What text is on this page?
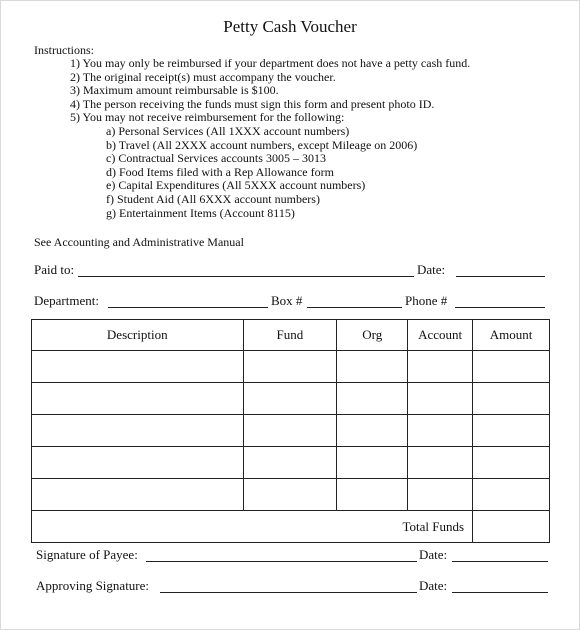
Petty Cash Voucher
Instructions:
1) You may only be reimbursed if your department does not have a petty cash fund.
2) The original receipt(s) must accompany the voucher.
3) Maximum amount reimbursable is $100.
4) The person receiving the funds must sign this form and present photo ID.
5) You may not receive reimbursement for the following:
a) Personal Services (All 1XXX account numbers)
b) Travel (All 2XXX account numbers, except Mileage on 2006)
c) Contractual Services accounts 3005 – 3013
d) Food Items filed with a Rep Allowance form
e) Capital Expenditures (All 5XXX account numbers)
f) Student Aid (All 6XXX account numbers)
g) Entertainment Items (Account 8115)
See Accounting and Administrative Manual
Paid to:	Date:
Department:	Box #	Phone #
Description	Fund	Org	Account	Amount

Total Funds				
Signature of Payee:	Date:
Approving Signature:	Date:
